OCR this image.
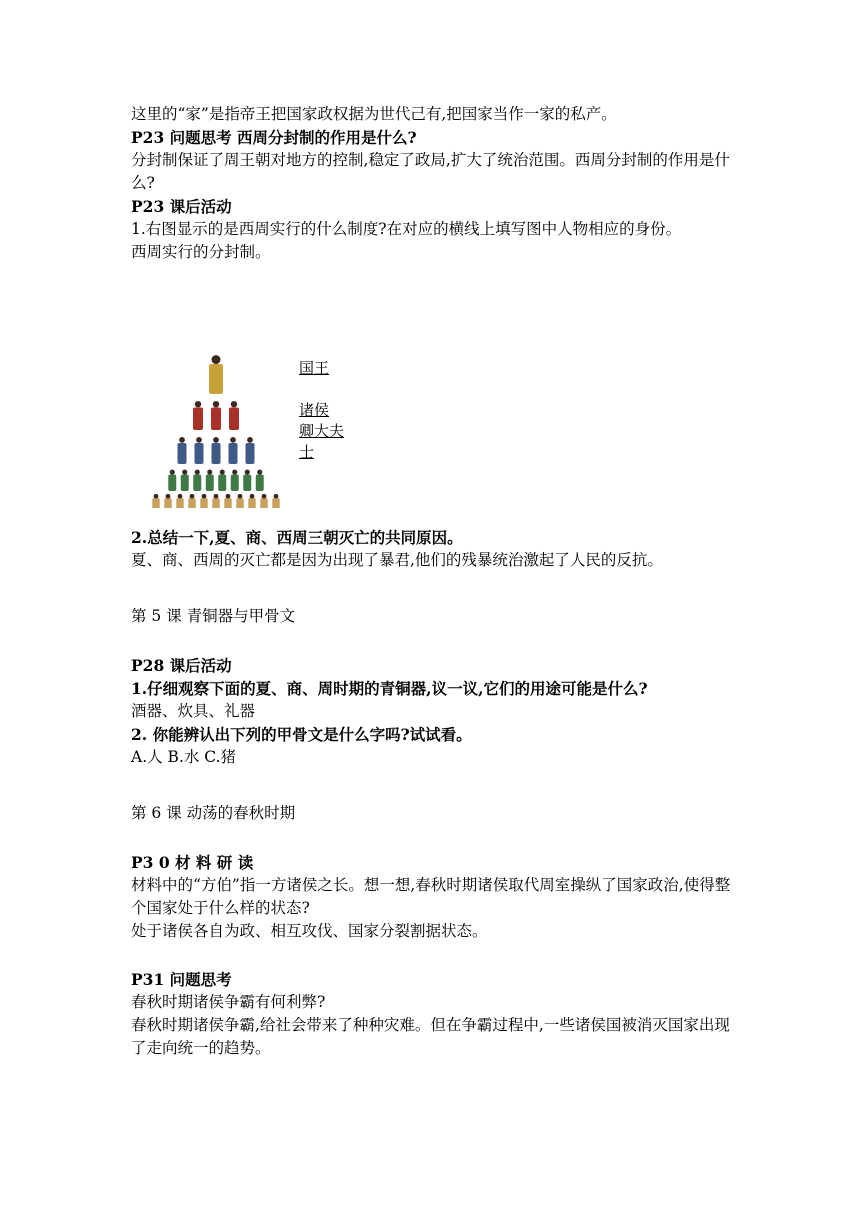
这里的“家”是指帝王把国家政权据为世代己有,把国家当作一家的私产。
P23 问题思考 西周分封制的作用是什么?
分封制保证了周王朝对地方的控制,稳定了政局,扩大了统治范围。西周分封制的作用是什么?
P23 课后活动
1.右图显示的是西周实行的什么制度?在对应的横线上填写图中人物相应的身份。
西周实行的分封制。
国王
诸侯
卿大夫
士
2.总结一下,夏、商、西周三朝灭亡的共同原因。
夏、商、西周的灭亡都是因为出现了暴君,他们的残暴统治激起了人民的反抗。
第 5 课 青铜器与甲骨文
P28 课后活动
1.仔细观察下面的夏、商、周时期的青铜器,议一议,它们的用途可能是什么?
酒器、炊具、礼器
2. 你能辨认出下列的甲骨文是什么字吗?试试看。
A.人 B.水 C.猪
第 6 课 动荡的春秋时期
P3 0 材 料 研 读
材料中的“方伯”指一方诸侯之长。想一想,春秋时期诸侯取代周室操纵了国家政治,使得整个国家处于什么样的状态?
处于诸侯各自为政、相互攻伐、国家分裂割据状态。
P31 问题思考
春秋时期诸侯争霸有何利弊?
春秋时期诸侯争霸,给社会带来了种种灾难。但在争霸过程中,一些诸侯国被消灭国家出现了走向统一的趋势。
